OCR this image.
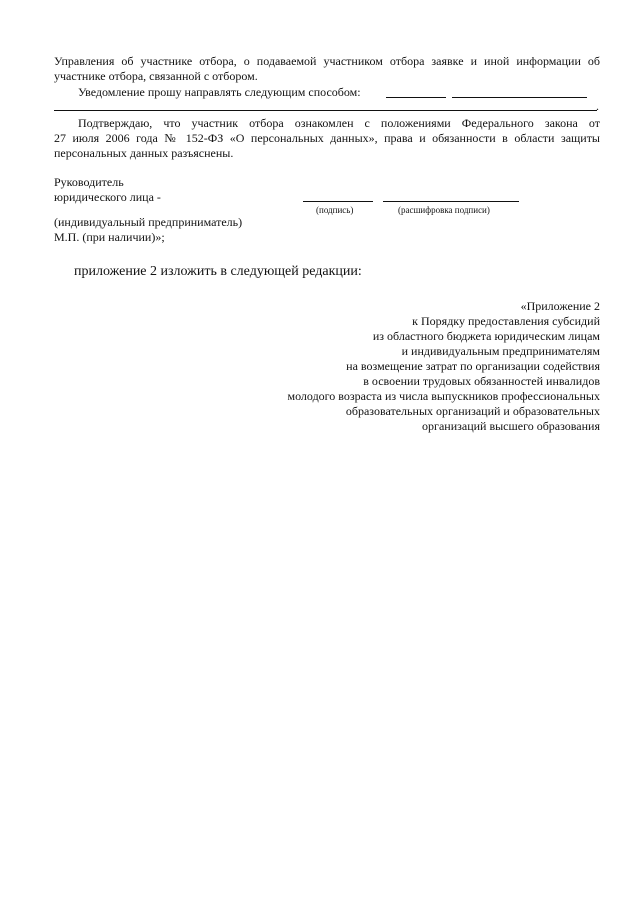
Управления об участнике отбора, о подаваемой участником отбора заявке и иной информации об
участнике отбора, связанной с отбором.
Уведомление прошу направлять следующим способом:
.
Подтверждаю, что участник отбора ознакомлен с положениями Федерального закона от
27 июля 2006 года № 152-ФЗ «О персональных данных», права и обязанности в области защиты
персональных данных разъяснены.
Руководитель
юридического лица -
(подпись)	(расшифровка подписи)
(индивидуальный предприниматель)
М.П. (при наличии)»;
приложение 2 изложить в следующей редакции:
«Приложение 2
к Порядку предоставления субсидий
из областного бюджета юридическим лицам
и индивидуальным предпринимателям
на возмещение затрат по организации содействия
в освоении трудовых обязанностей инвалидов
молодого возраста из числа выпускников профессиональных
образовательных организаций и образовательных
организаций высшего образования
